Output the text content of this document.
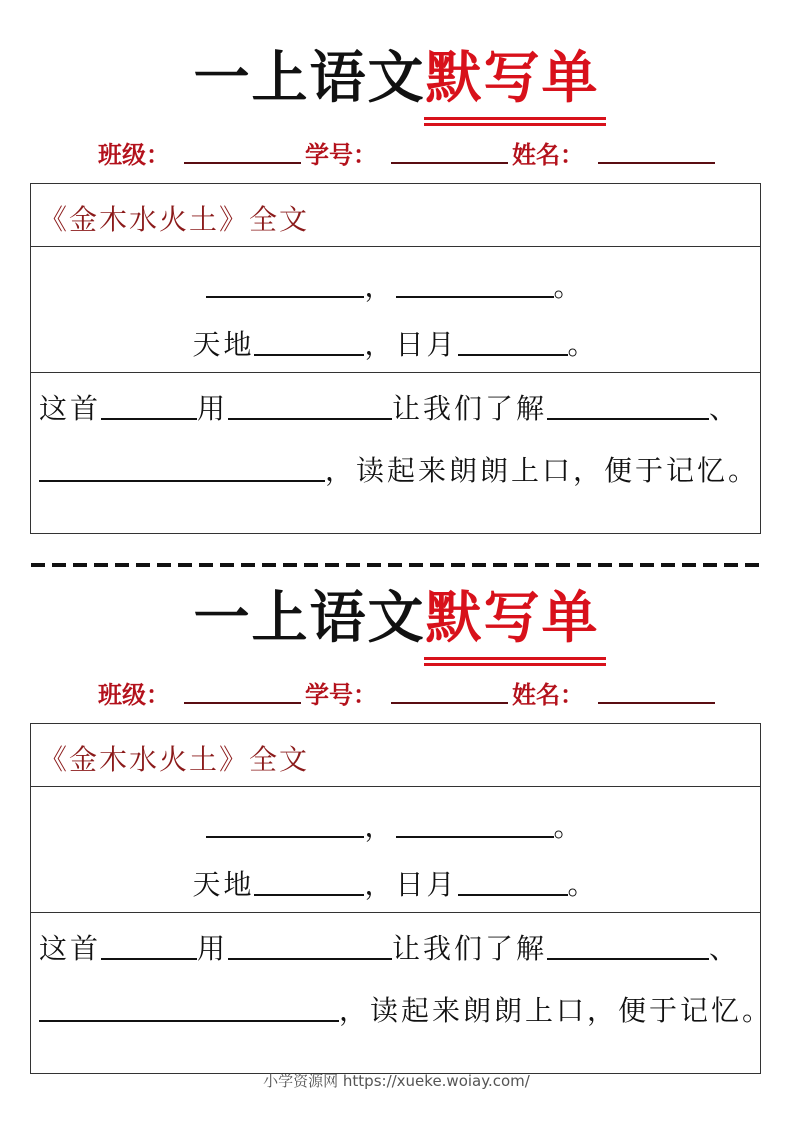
一上语文默写单
班级：	学号：	姓名：
《金木水火土》全文
，	。
天地	，日月	。
这首	用	让我们了解	、
，读起来朗朗上口，便于记忆。
一上语文默写单
班级：	学号：	姓名：
《金木水火土》全文
，	。
天地	，日月	。
这首	用	让我们了解	、
，读起来朗朗上口，便于记忆。
小学资源网 https://xueke.woiay.com/
